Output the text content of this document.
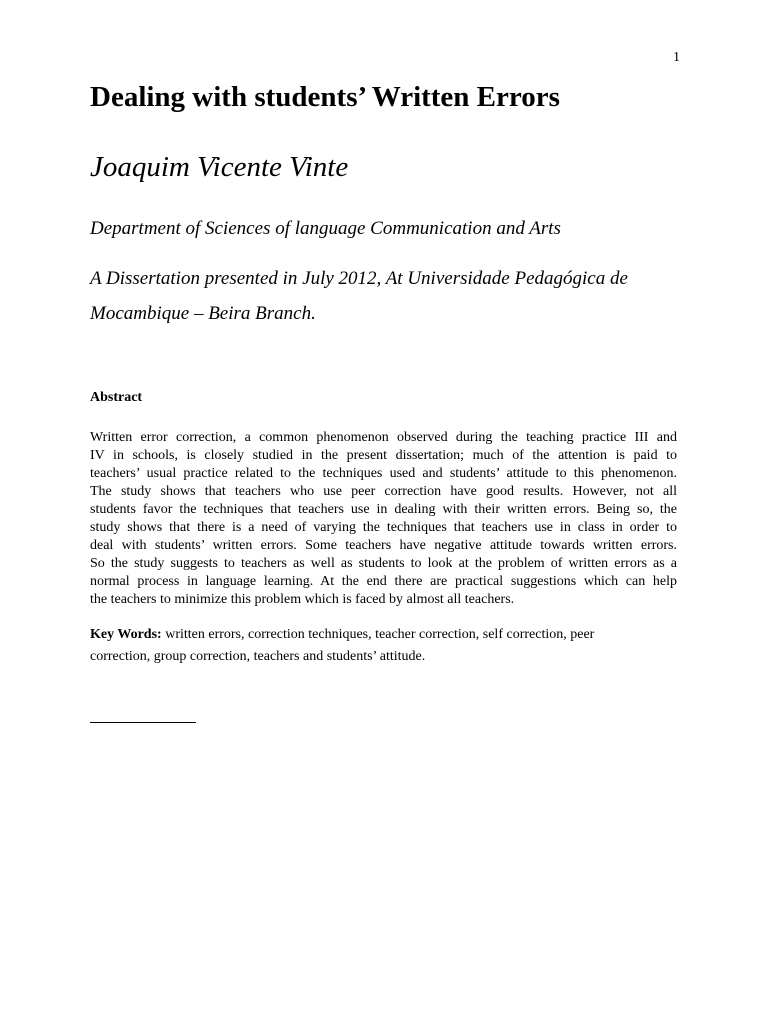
1
Dealing with students’ Written Errors
Joaquim Vicente Vinte
Department of Sciences of language Communication and Arts
A Dissertation presented in July 2012, At Universidade Pedagógica de
Mocambique – Beira Branch.
Abstract
Written error correction, a common phenomenon observed during the teaching practice III and
IV in schools, is closely studied in the present dissertation; much of the attention is paid to
teachers’ usual practice related to the techniques used and students’ attitude to this phenomenon.
The study shows that teachers who use peer correction have good results. However, not all
students favor the techniques that teachers use in dealing with their written errors. Being so, the
study shows that there is a need of varying the techniques that teachers use in class in order to
deal with students’ written errors. Some teachers have negative attitude towards written errors.
So the study suggests to teachers as well as students to look at the problem of written errors as a
normal process in language learning. At the end there are practical suggestions which can help
the teachers to minimize this problem which is faced by almost all teachers.
Key Words: written errors, correction techniques, teacher correction, self correction, peer
correction, group correction, teachers and students’ attitude.
